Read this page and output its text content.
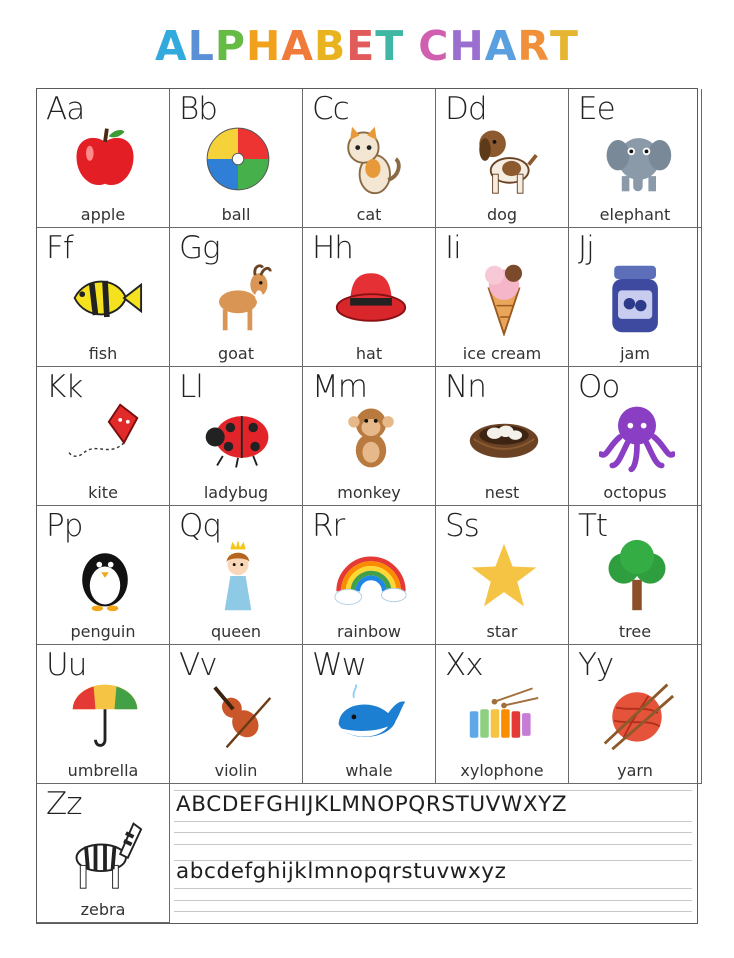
ALPHABET CHART
ABCDEFGHIJKLMNOPQRSTUVWXYZ
abcdefghijklmnopqrstuvwxyz
Aa
apple
Bb
ball
Cc
cat
Dd
dog
Ee
elephant
Ff
fish
Gg
goat
Hh
hat
Ii
ice cream
Jj
jam
Kk
kite
Ll
ladybug
Mm
monkey
Nn
nest
Oo
octopus
Pp
penguin
Qq
queen
Rr
rainbow
Ss
star
Tt
tree
Uu
umbrella
Vv
violin
Ww
whale
Xx
xylophone
Yy
yarn
Zz
zebra
